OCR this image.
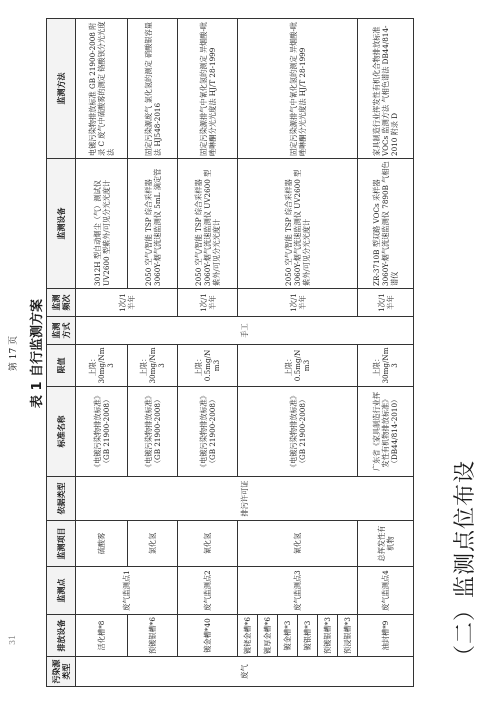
（二）监测点位布设
表 1 自行监测方案
第 17 页
31
污染源类型	排放设备	监测点	监测项目	依据类型	标准名称	限值	监测方式	监测频次	监测设备	监测方法
废气	活化槽*8	废气监测点1	硫酸雾	排污许可证	《电镀污染物排放标准》（GB 21900-2008）	上限：30mg/Nm3	手工	1次/1半年	3012H 型自动烟尘（气）测试仪 UV2600 型紫外/可见分光光度计	电镀污染物排放标准 GB 21900-2008 附录 C 废气中硫酸雾的测定 铬酸钡分光光度法
	预镀银槽*6		氯化氢		《电镀污染物排放标准》（GB 21900-2008）	上限：30mg/Nm3			2050 空气/智能 TSP 综合采样器 3060Y-烟气流速监测仪 5mL 滴定管	固定污染源废气 氯化氢的测定 硝酸银容量法 HJ548-2016
	镀金槽*40	废气监测点2	氰化氢		《电镀污染物排放标准》（GB 21900-2008）	上限：0.5mg/Nm3		1次/1半年	2050 空气/智能 TSP 综合采样器 3060Y-烟气流速监测仪 UV2600 型 紫外/可见分光光度计	固定污染源排气中氰化氢的测定 异烟酸-吡唑啉酮分光光度法 HJ/T 28-1999
	镀铑金槽*6	废气监测点3	氰化氢		《电镀污染物排放标准》（GB 21900-2008）	上限：0.5mg/Nm3		1次/1半年	2050 空气/智能 TSP 综合采样器 3060Y-烟气流速监测仪 UV2600 型 紫外/可见分光光度计	固定污染源排气中氰化氢的测定 异烟酸-吡唑啉酮分光光度法 HJ/T 28-1999
	镀厚金槽*6									
	镀金槽*3									
	镀银槽*3									
	预镀银槽*3									
	预浸银槽*3									
	油封槽*9	废气监测点4	总挥发性有机物		广东省《家具制造行业挥发性有机物排放标准》（DB44/814-2010）	上限：30mg/Nm3		1次/1半年	ZR-3710B 型双路 VOCs 采样器 3060Y-烟气流速监测仪 7890B 气相色谱仪	家具制造行业挥发性有机化合物排放标准 VOCs 监测方法 气相色谱法 DB44/814-2010 附录 D
